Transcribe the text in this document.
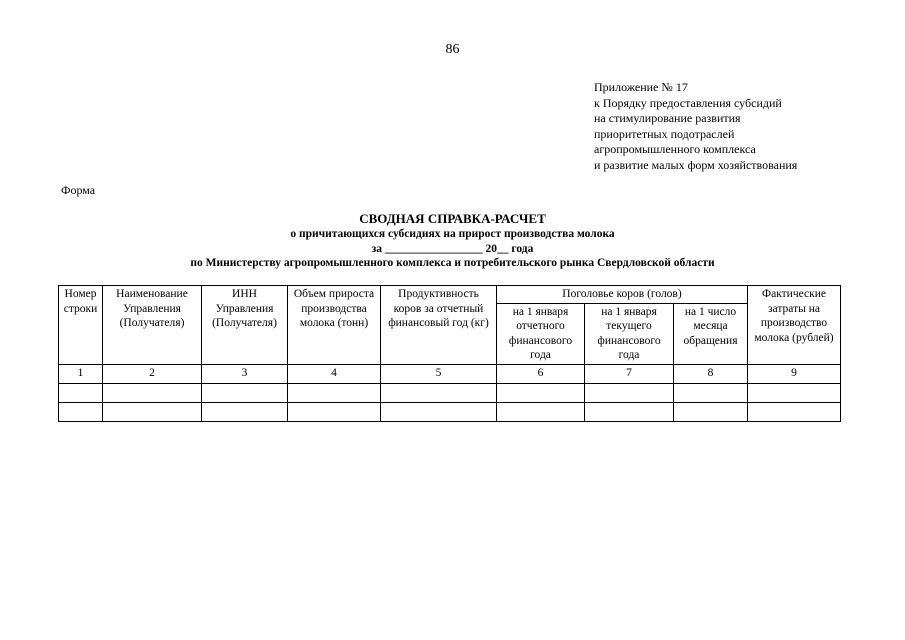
86
Приложение № 17
к Порядку предоставления субсидий
на стимулирование развития
приоритетных подотраслей
агропромышленного комплекса
и развитие малых форм хозяйствования
Форма
СВОДНАЯ СПРАВКА-РАСЧЕТ
о причитающихся субсидиях на прирост производства молока
за _________________ 20__ года
по Министерству агропромышленного комплекса и потребительского рынка Свердловской области
Номер строки	Наименование Управления (Получателя)	ИНН Управления (Получателя)	Объем прироста производства молока (тонн)	Продуктивность коров за отчетный финансовый год (кг)	Поголовье коров (голов)			Фактические затраты на производство молока (рублей)
					на 1 января отчетного финансового года	на 1 января текущего финансового года	на 1 число месяца обращения	
1	2	3	4	5	6	7	8	9
